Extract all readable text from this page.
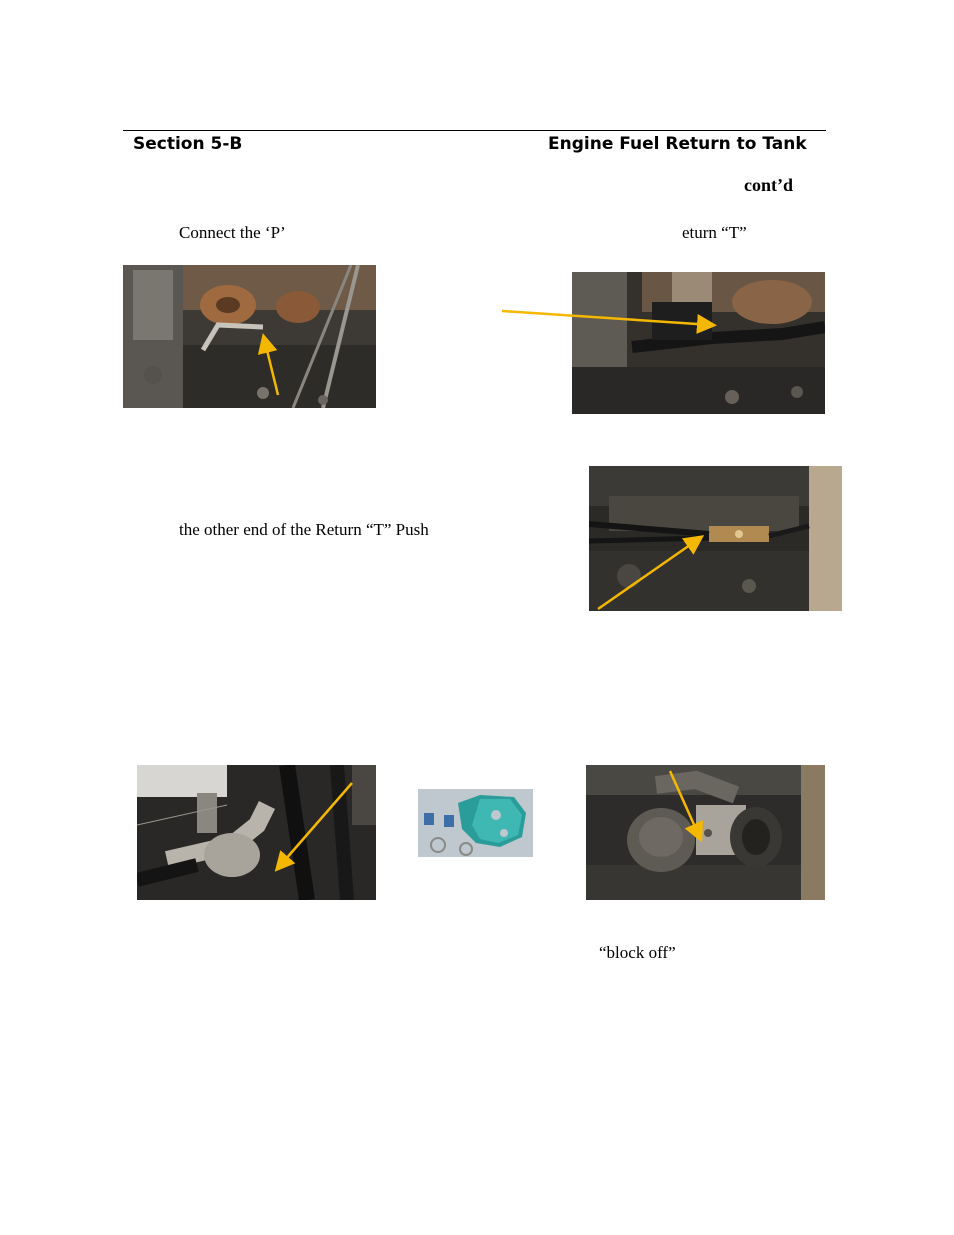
Section 5-B	Engine Fuel Return to Tank
cont’d
Connect the ‘P’	eturn “T”
the other end of the Return “T” Push
“block off”
